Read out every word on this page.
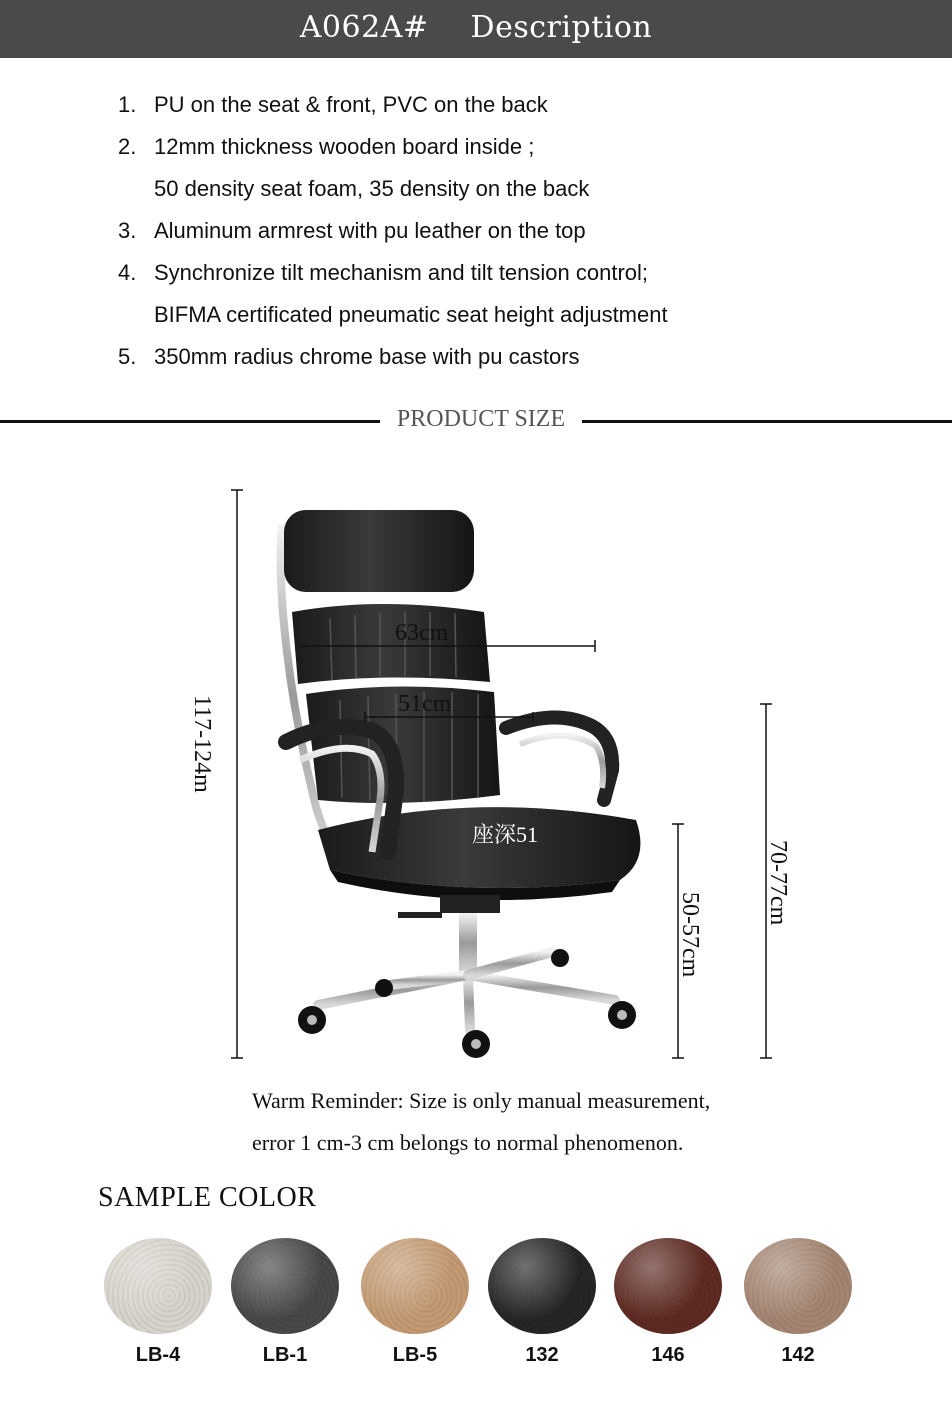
A062A# Description
1. PU on the seat & front, PVC on the back
2. 12mm thickness wooden board inside ;
50 density seat foam, 35 density on the back
3. Aluminum armrest with pu leather on the top
4. Synchronize tilt mechanism and tilt tension control;
BIFMA certificated pneumatic seat height adjustment
5. 350mm radius chrome base with pu castors
PRODUCT SIZE
117-124m
63cm
51cm
座深51
50-57cm
70-77cm
Warm Reminder: Size is only manual measurement,
error 1 cm-3 cm belongs to normal phenomenon.
SAMPLE COLOR
LB-4	LB-1	LB-5	132	146	142
